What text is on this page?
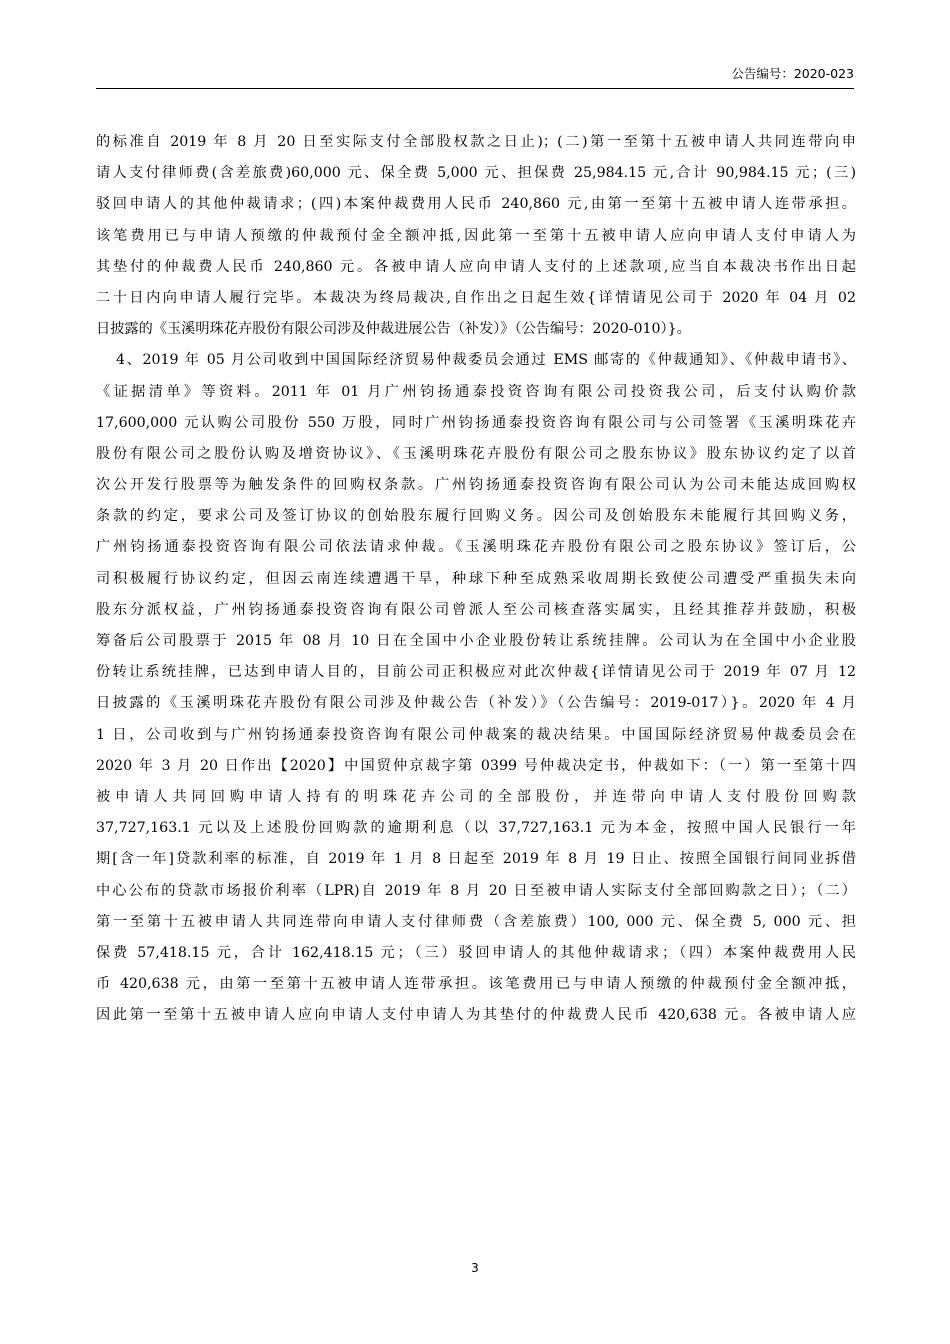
公告编号：2020-023
的标准自 2019 年 8 月 20 日至实际支付全部股权款之日止)；(二)第一至第十五被申请人共同连带向申
请人支付律师费(含差旅费)60,000 元、保全费 5,000 元、担保费 25,984.15 元,合计 90,984.15 元；(三)
驳回申请人的其他仲裁请求；(四)本案仲裁费用人民币 240,860 元,由第一至第十五被申请人连带承担。
该笔费用已与申请人预缴的仲裁预付金全额冲抵,因此第一至第十五被申请人应向申请人支付申请人为
其垫付的仲裁费人民币 240,860 元。各被申请人应向申请人支付的上述款项,应当自本裁决书作出日起
二十日内向申请人履行完毕。本裁决为终局裁决,自作出之日起生效{详情请见公司于 2020 年 04 月 02
日披露的《玉溪明珠花卉股份有限公司涉及仲裁进展公告（补发）》（公告编号：2020-010）}。
4、2019 年 05 月公司收到中国国际经济贸易仲裁委员会通过 EMS 邮寄的《仲裁通知》、《仲裁申请书》、
《证据清单》等资料。2011 年 01 月广州钧扬通泰投资咨询有限公司投资我公司，后支付认购价款
17,600,000 元认购公司股份 550 万股，同时广州钧扬通泰投资咨询有限公司与公司签署《玉溪明珠花卉
股份有限公司之股份认购及增资协议》、《玉溪明珠花卉股份有限公司之股东协议》股东协议约定了以首
次公开发行股票等为触发条件的回购权条款。广州钧扬通泰投资咨询有限公司认为公司未能达成回购权
条款的约定，要求公司及签订协议的创始股东履行回购义务。因公司及创始股东未能履行其回购义务，
广州钧扬通泰投资咨询有限公司依法请求仲裁。《玉溪明珠花卉股份有限公司之股东协议》签订后，公
司积极履行协议约定，但因云南连续遭遇干旱，种球下种至成熟采收周期长致使公司遭受严重损失未向
股东分派权益，广州钧扬通泰投资咨询有限公司曾派人至公司核查落实属实，且经其推荐并鼓励，积极
筹备后公司股票于 2015 年 08 月 10 日在全国中小企业股份转让系统挂牌。公司认为在全国中小企业股
份转让系统挂牌，已达到申请人目的，目前公司正积极应对此次仲裁{详情请见公司于 2019 年 07 月 12
日披露的《玉溪明珠花卉股份有限公司涉及仲裁公告（补发）》（公告编号：2019-017）}。2020 年 4 月
1 日，公司收到与广州钧扬通泰投资咨询有限公司仲裁案的裁决结果。中国国际经济贸易仲裁委员会在
2020 年 3 月 20 日作出【2020】中国贸仲京裁字第 0399 号仲裁决定书，仲裁如下：（一）第一至第十四
被申请人共同回购申请人持有的明珠花卉公司的全部股份，并连带向申请人支付股份回购款
37,727,163.1 元以及上述股份回购款的逾期利息（以 37,727,163.1 元为本金，按照中国人民银行一年
期[含一年]贷款利率的标准，自 2019 年 1 月 8 日起至 2019 年 8 月 19 日止、按照全国银行间同业拆借
中心公布的贷款市场报价利率（LPR)自 2019 年 8 月 20 日至被申请人实际支付全部回购款之日）；（二）
第一至第十五被申请人共同连带向申请人支付律师费（含差旅费）100, 000 元、保全费 5, 000 元、担
保费 57,418.15 元，合计 162,418.15 元；（三）驳回申请人的其他仲裁请求；（四）本案仲裁费用人民
币 420,638 元，由第一至第十五被申请人连带承担。该笔费用已与申请人预缴的仲裁预付金全额冲抵，
因此第一至第十五被申请人应向申请人支付申请人为其垫付的仲裁费人民币 420,638 元。各被申请人应
3
